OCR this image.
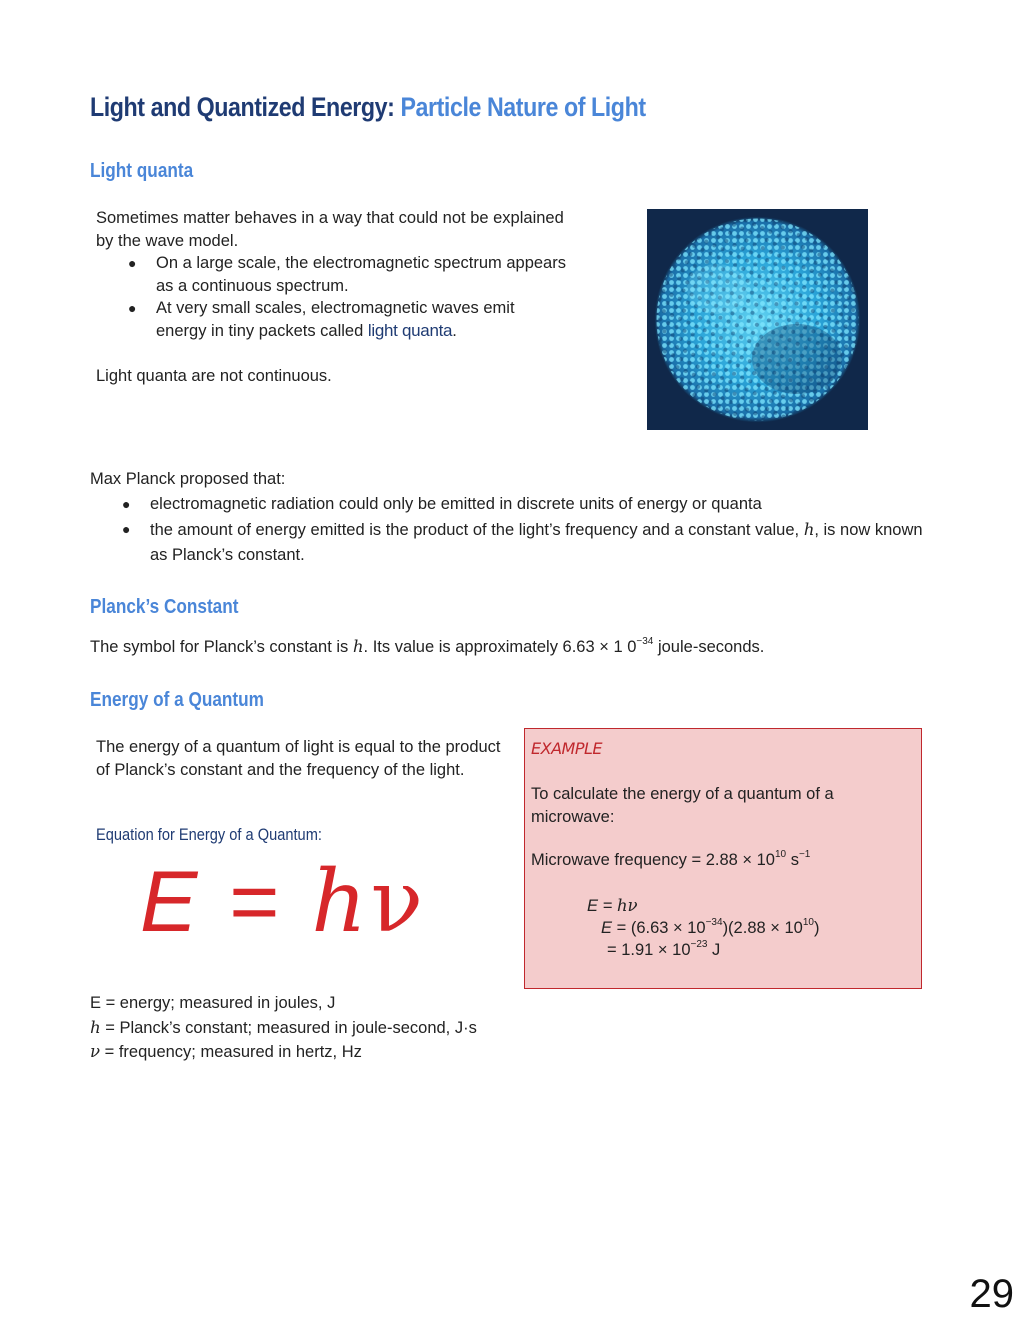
Light and Quantized Energy: Particle Nature of Light
Light quanta

Sometimes matter behaves in a way that could not be explained by the wave model.

● On a large scale, the electromagnetic spectrum appears as a continuous spectrum.
● At very small scales, electromagnetic waves emit energy in tiny packets called light quanta.

Light quanta are not continuous.

Max Planck proposed that:

● electromagnetic radiation could only be emitted in discrete units of energy or quanta
● the amount of energy emitted is the product of the light’s frequency and a constant value, ℎ, is now known as Planck’s constant.
Planck’s Constant
The symbol for Planck’s constant is ℎ. Its value is approximately 6.63 × 1 $0^{-34}$ joule-seconds.
Energy of a Quantum
The energy of a quantum of light is equal to the product of Planck’s constant and the frequency of the light.
Equation for Energy of a Quantum:
E = ℎν

E = energy; measured in joules, J

ℎ = Planck’s constant; measured in joule-second, J·s

ν = frequency; measured in hertz, Hz

EXAMPLE
To calculate the energy of a quantum of a microwave:
Microwave frequency = $2.88 \times 10^{10}$ $s^{-1}$
E = ℎν
$E = (6.63 \times 10^{-34})(2.88 \times 10^{10})$
= $1.91 \times 10^{-23}$ J
29
